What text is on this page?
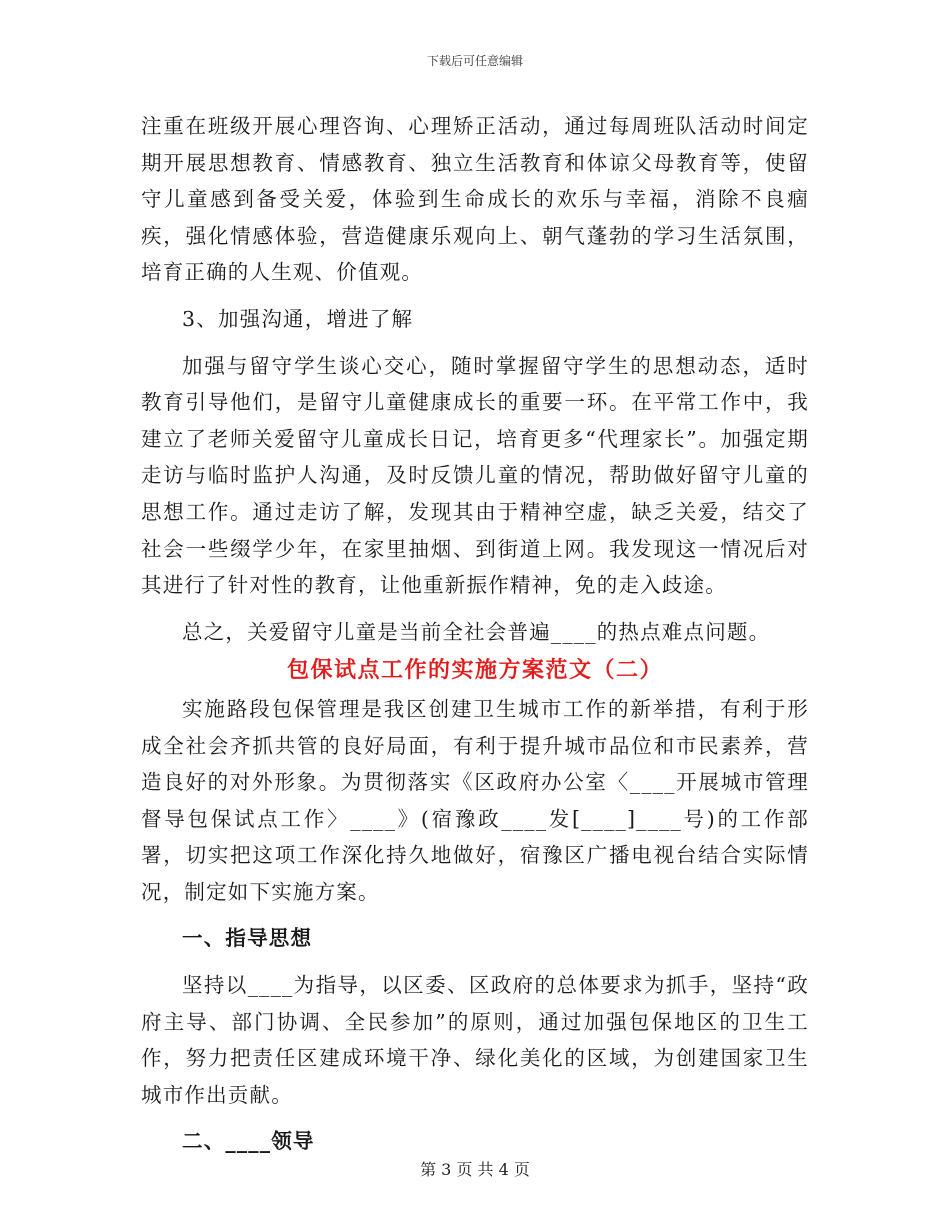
下载后可任意编辑

注重在班级开展心理咨询、心理矫正活动，通过每周班队活动时间定期开展思想教育、情感教育、独立生活教育和体谅父母教育等，使留守儿童感到备受关爱，体验到生命成长的欢乐与幸福，消除不良痼疾，强化情感体验，营造健康乐观向上、朝气蓬勃的学习生活氛围，培育正确的人生观、价值观。

3、加强沟通，增进了解

加强与留守学生谈心交心，随时掌握留守学生的思想动态，适时教育引导他们，是留守儿童健康成长的重要一环。在平常工作中，我建立了老师关爱留守儿童成长日记，培育更多“代理家长”。加强定期走访与临时监护人沟通，及时反馈儿童的情况，帮助做好留守儿童的思想工作。通过走访了解，发现其由于精神空虚，缺乏关爱，结交了社会一些缀学少年，在家里抽烟、到街道上网。我发现这一情况后对其进行了针对性的教育，让他重新振作精神，免的走入歧途。

总之，关爱留守儿童是当前全社会普遍____的热点难点问题。

包保试点工作的实施方案范文（二）

实施路段包保管理是我区创建卫生城市工作的新举措，有利于形成全社会齐抓共管的良好局面，有利于提升城市品位和市民素养，营造良好的对外形象。为贯彻落实《区政府办公室〈____开展城市管理督导包保试点工作〉____》(宿豫政____发[____]____号)的工作部署，切实把这项工作深化持久地做好，宿豫区广播电视台结合实际情况，制定如下实施方案。

一、指导思想

坚持以____为指导，以区委、区政府的总体要求为抓手，坚持“政府主导、部门协调、全民参加”的原则，通过加强包保地区的卫生工作，努力把责任区建成环境干净、绿化美化的区域，为创建国家卫生城市作出贡献。

二、____领导

第 3 页 共 4 页
